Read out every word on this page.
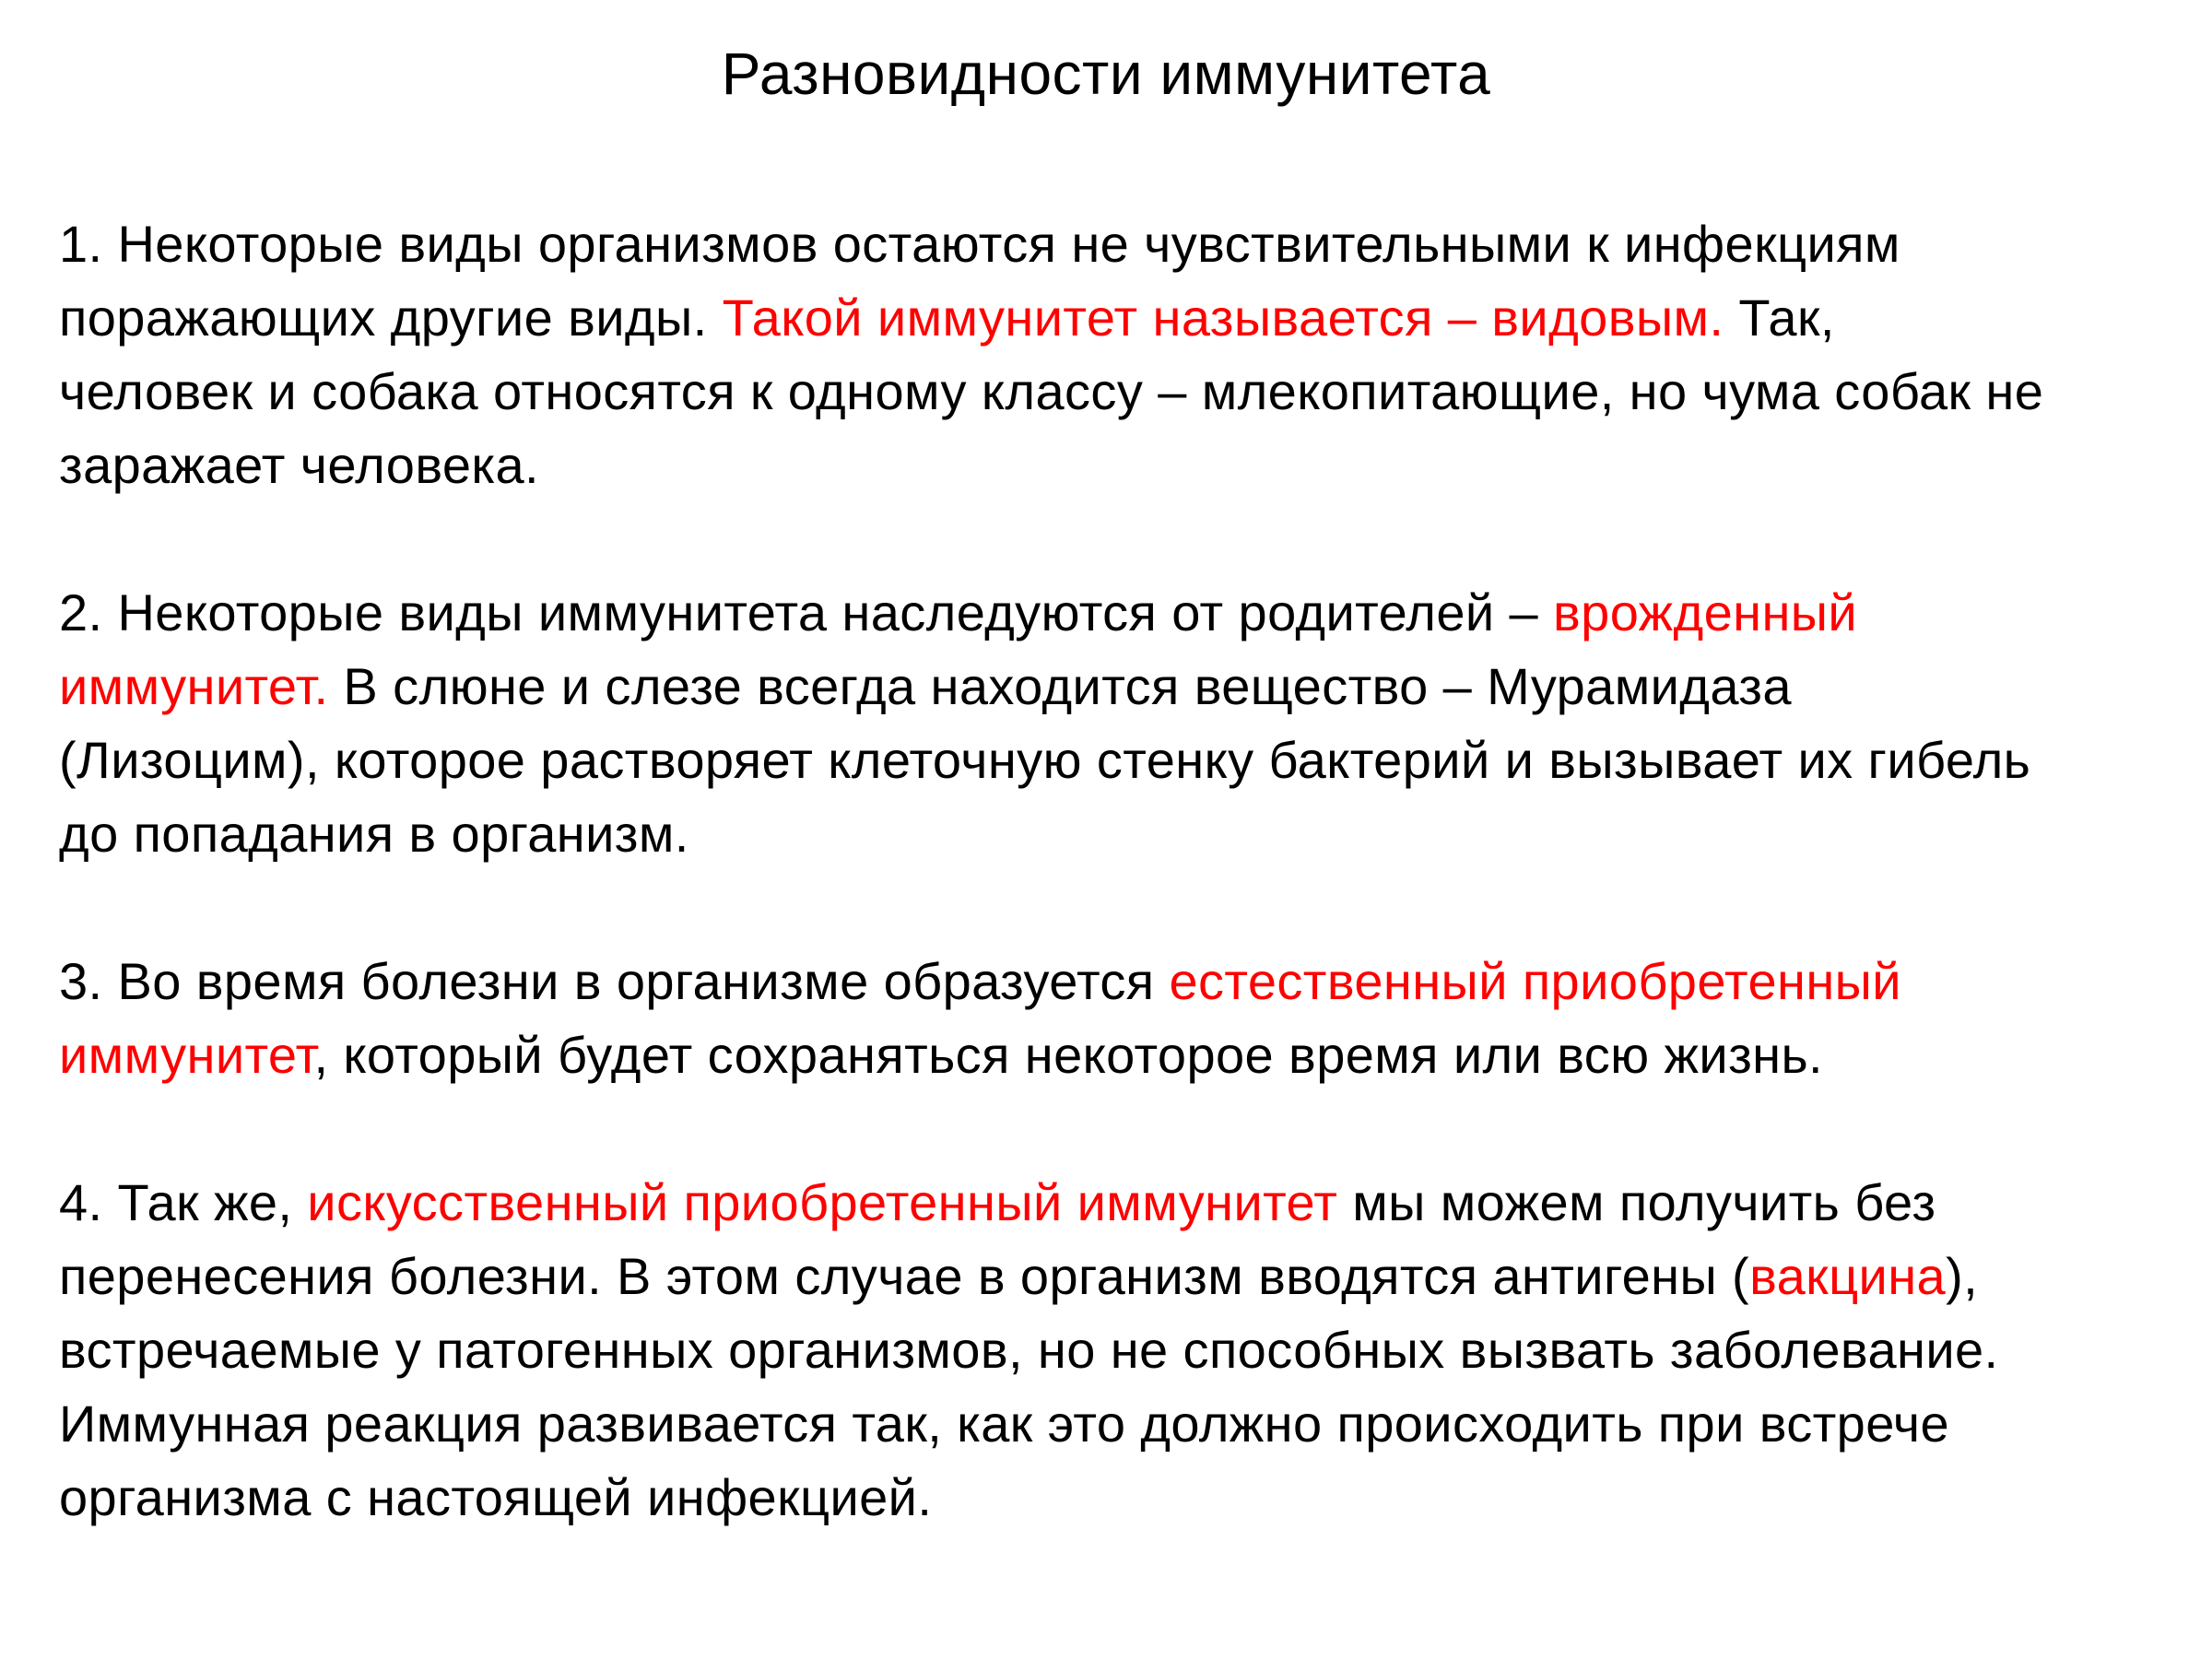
Разновидности иммунитета
1. Некоторые виды организмов остаются не чувствительными к инфекциям
поражающих другие виды. Такой иммунитет называется – видовым. Так,
человек и собака относятся к одному классу – млекопитающие, но чума собак не
заражает человека.
2. Некоторые виды иммунитета наследуются от родителей – врожденный
иммунитет. В слюне и слезе всегда находится вещество – Мурамидаза
(Лизоцим), которое растворяет клеточную стенку бактерий и вызывает их гибель
до попадания в организм.
3. Во время болезни в организме образуется естественный приобретенный
иммунитет, который будет сохраняться некоторое время или всю жизнь.
4. Так же, искусственный приобретенный иммунитет мы можем получить без
перенесения болезни. В этом случае в организм вводятся антигены (вакцина),
встречаемые у патогенных организмов, но не способных вызвать заболевание.
Иммунная реакция развивается так, как это должно происходить при встрече
организма с настоящей инфекцией.
